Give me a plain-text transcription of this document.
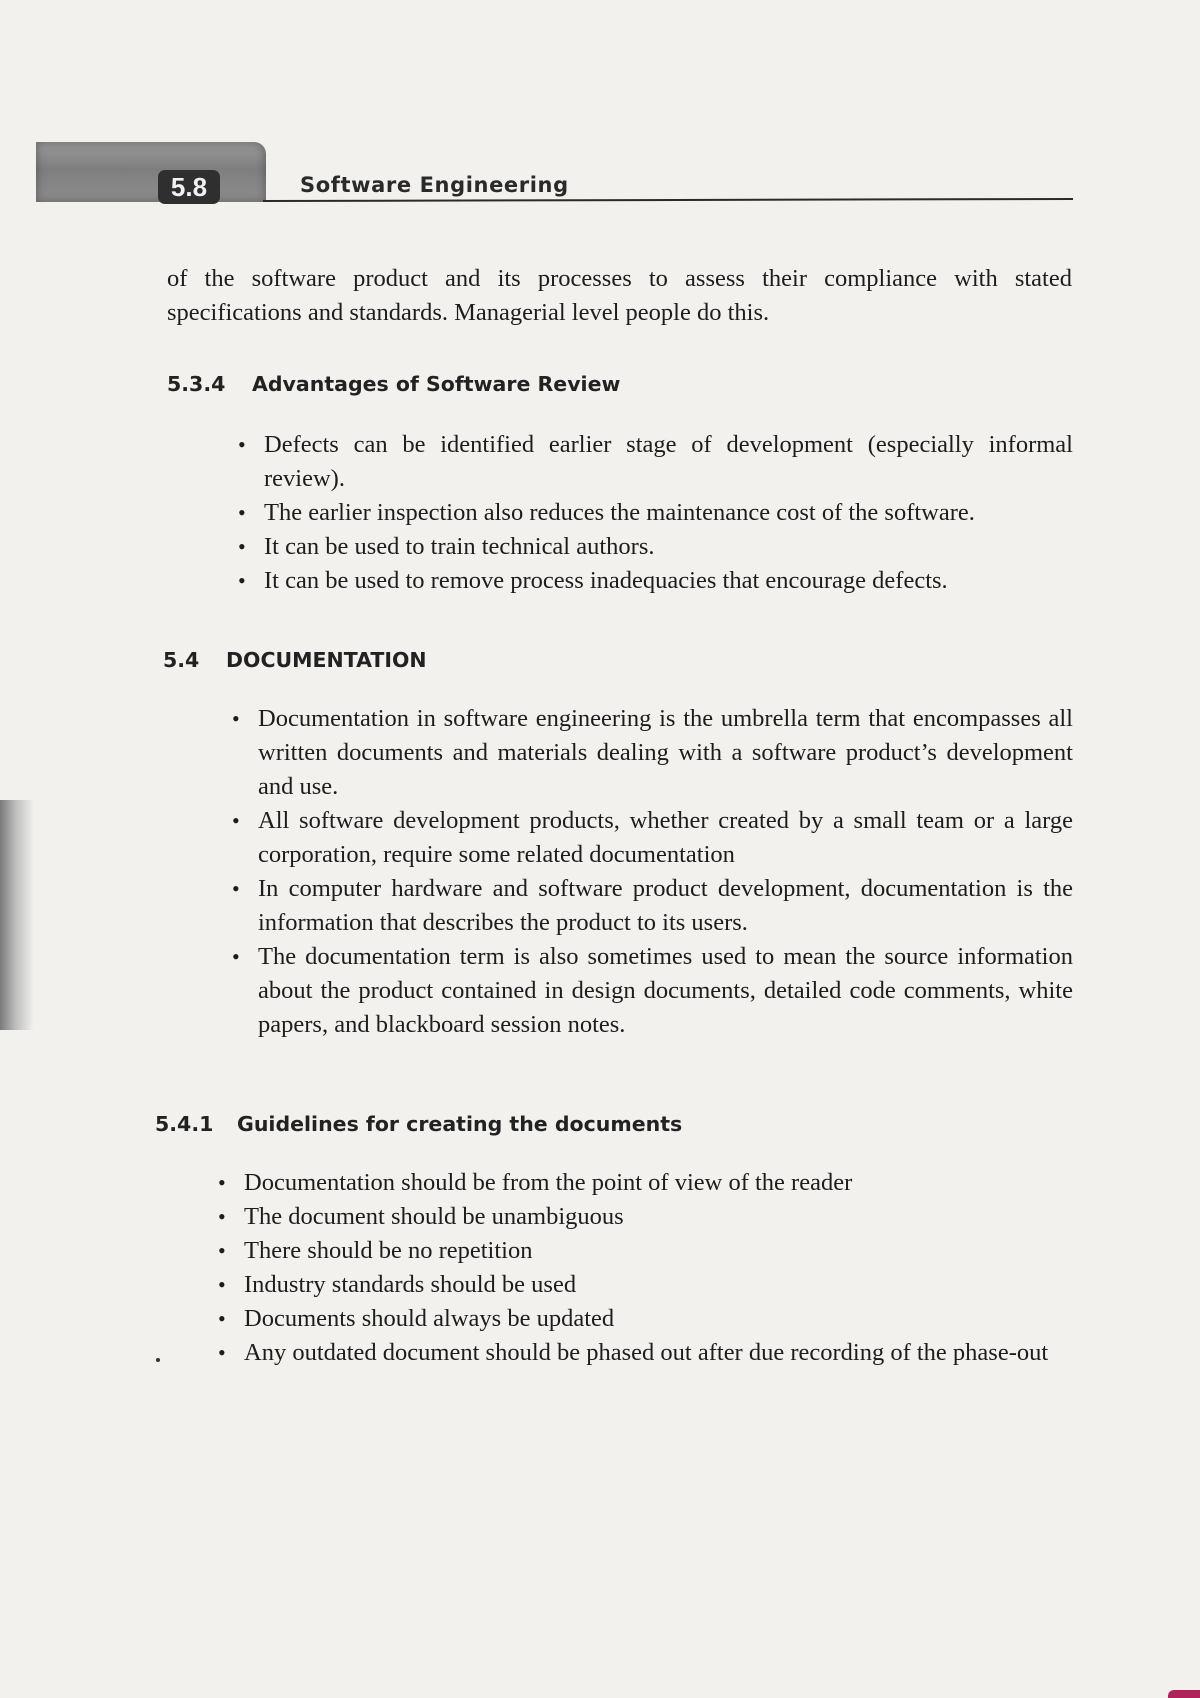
5.8	Software Engineering
of the software product and its processes to assess their compliance with stated specifications and standards. Managerial level people do this.
5.3.4 Advantages of Software Review
• Defects can be identified earlier stage of development (especially informal review).
• The earlier inspection also reduces the maintenance cost of the software.
• It can be used to train technical authors.
• It can be used to remove process inadequacies that encourage defects.
5.4 DOCUMENTATION
• Documentation in software engineering is the umbrella term that encompasses all written documents and materials dealing with a software product’s development and use.
• All software development products, whether created by a small team or a large corporation, require some related documentation
• In computer hardware and software product development, documentation is the information that describes the product to its users.
• The documentation term is also sometimes used to mean the source information about the product contained in design documents, detailed code comments, white papers, and blackboard session notes.
5.4.1 Guidelines for creating the documents
• Documentation should be from the point of view of the reader
• The document should be unambiguous
• There should be no repetition
• Industry standards should be used
• Documents should always be updated
• Any outdated document should be phased out after due recording of the phase-out
